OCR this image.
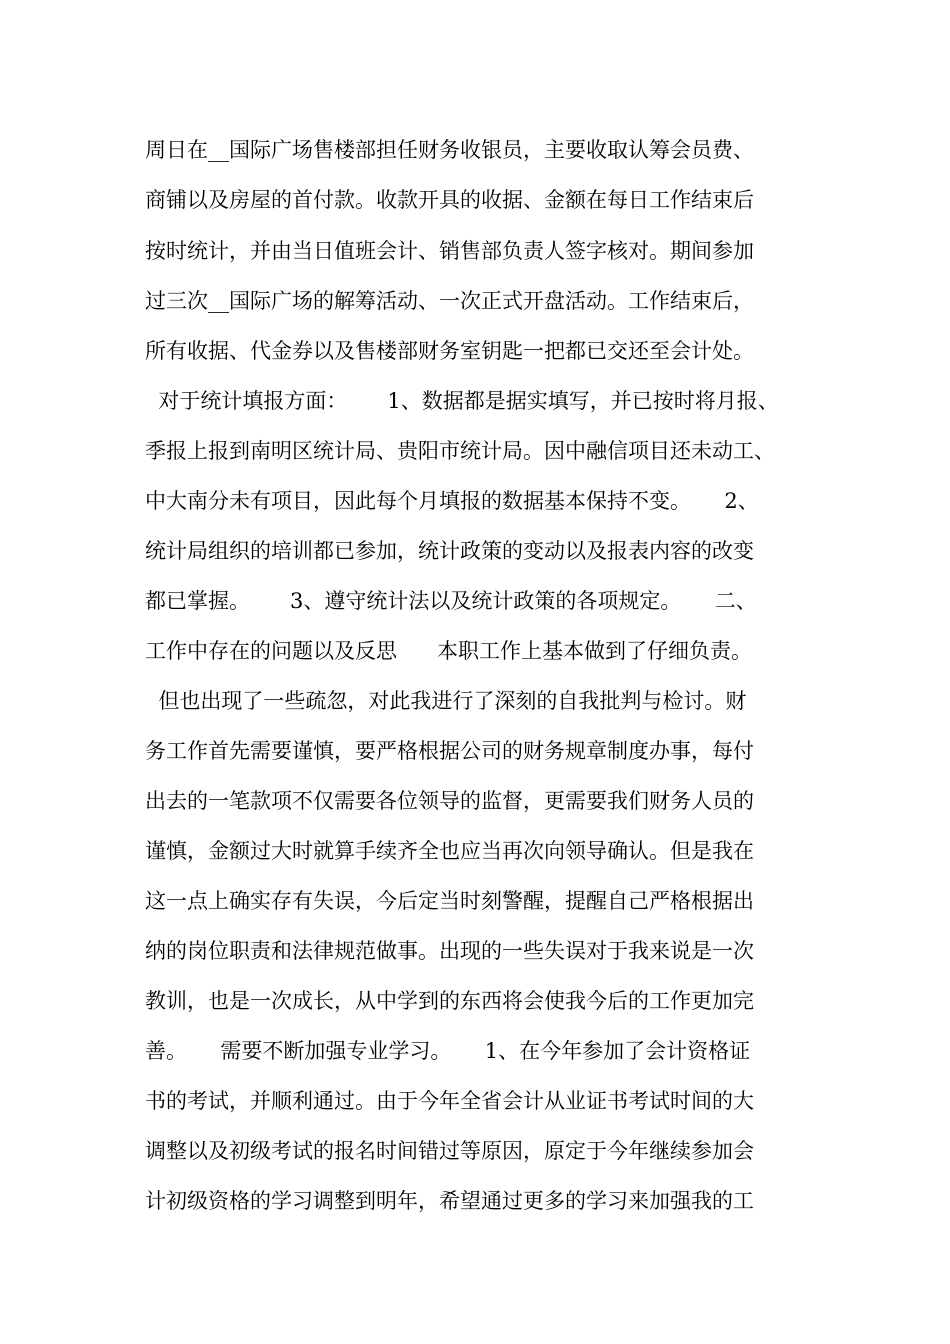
周日在__国际广场售楼部担任财务收银员，主要收取认筹会员费、
商铺以及房屋的首付款。收款开具的收据、金额在每日工作结束后
按时统计，并由当日值班会计、销售部负责人签字核对。期间参加
过三次__国际广场的解筹活动、一次正式开盘活动。工作结束后，
所有收据、代金券以及售楼部财务室钥匙一把都已交还至会计处。
对于统计填报方面：      1、数据都是据实填写，并已按时将月报、
季报上报到南明区统计局、贵阳市统计局。因中融信项目还未动工、
中大南分未有项目，因此每个月填报的数据基本保持不变。     2、
统计局组织的培训都已参加，统计政策的变动以及报表内容的改变
都已掌握。      3、遵守统计法以及统计政策的各项规定。     二、
工作中存在的问题以及反思      本职工作上基本做到了仔细负责。
但也出现了一些疏忽，对此我进行了深刻的自我批判与检讨。财
务工作首先需要谨慎，要严格根据公司的财务规章制度办事，每付
出去的一笔款项不仅需要各位领导的监督，更需要我们财务人员的
谨慎，金额过大时就算手续齐全也应当再次向领导确认。但是我在
这一点上确实存有失误，今后定当时刻警醒，提醒自己严格根据出
纳的岗位职责和法律规范做事。出现的一些失误对于我来说是一次
教训，也是一次成长，从中学到的东西将会使我今后的工作更加完
善。     需要不断加强专业学习。     1、在今年参加了会计资格证
书的考试，并顺利通过。由于今年全省会计从业证书考试时间的大
调整以及初级考试的报名时间错过等原因，原定于今年继续参加会
计初级资格的学习调整到明年，希望通过更多的学习来加强我的工
